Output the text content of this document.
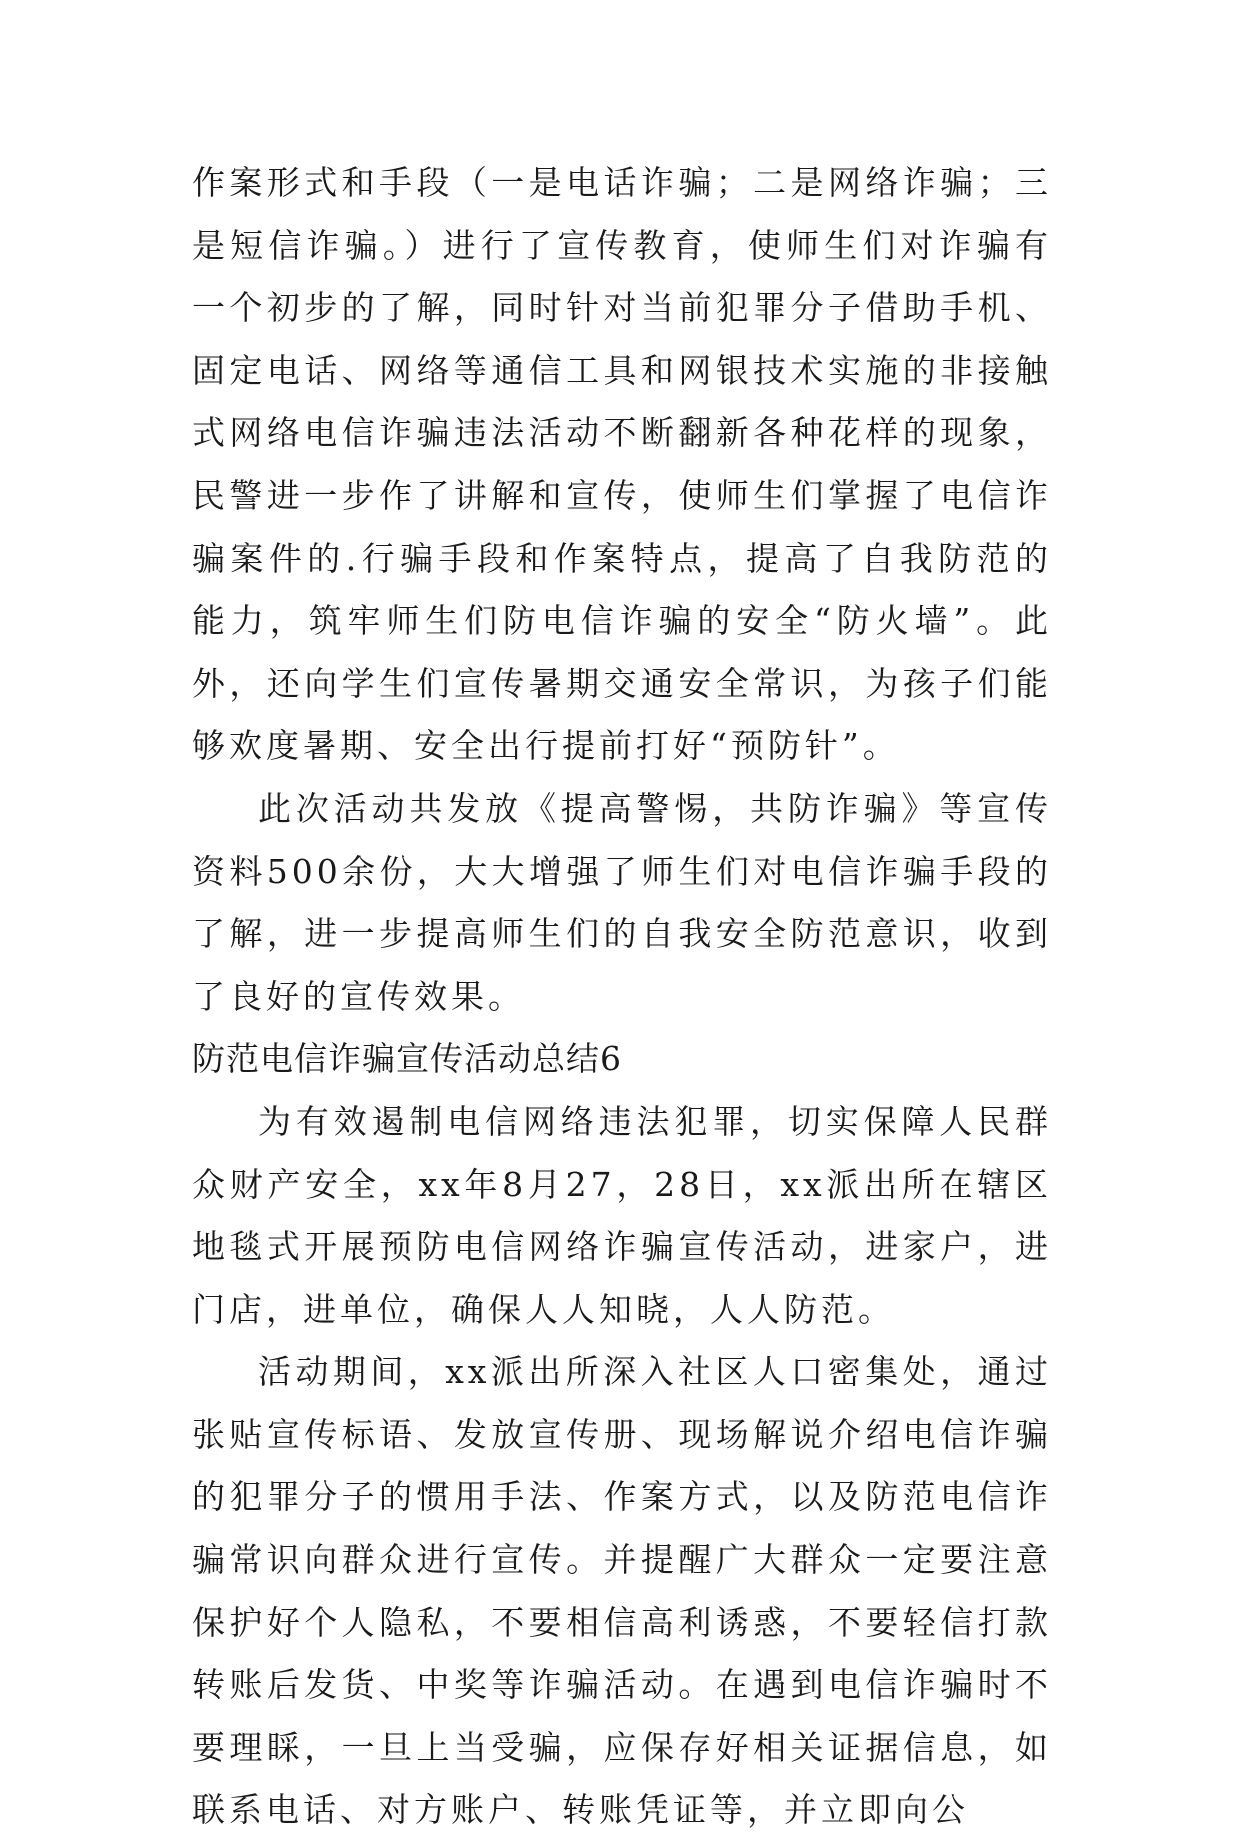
作案形式和手段（一是电话诈骗；二是网络诈骗；三是短信诈骗。）进行了宣传教育，使师生们对诈骗有一个初步的了解，同时针对当前犯罪分子借助手机、固定电话、网络等通信工具和网银技术实施的非接触式网络电信诈骗违法活动不断翻新各种花样的现象，民警进一步作了讲解和宣传，使师生们掌握了电信诈骗案件的.行骗手段和作案特点，提高了自我防范的能力，筑牢师生们防电信诈骗的安全“防火墙”。此外，还向学生们宣传暑期交通安全常识，为孩子们能够欢度暑期、安全出行提前打好“预防针”。

此次活动共发放《提高警惕，共防诈骗》等宣传资料500余份，大大增强了师生们对电信诈骗手段的了解，进一步提高师生们的自我安全防范意识，收到了良好的宣传效果。

防范电信诈骗宣传活动总结6

为有效遏制电信网络违法犯罪，切实保障人民群众财产安全，xx年8月27，28日，xx派出所在辖区地毯式开展预防电信网络诈骗宣传活动，进家户，进门店，进单位，确保人人知晓，人人防范。

活动期间，xx派出所深入社区人口密集处，通过张贴宣传标语、发放宣传册、现场解说介绍电信诈骗的犯罪分子的惯用手法、作案方式，以及防范电信诈骗常识向群众进行宣传。并提醒广大群众一定要注意保护好个人隐私，不要相信高利诱惑，不要轻信打款转账后发货、中奖等诈骗活动。在遇到电信诈骗时不要理睬，一旦上当受骗，应保存好相关证据信息，如联系电话、对方账户、转账凭证等，并立即向公
